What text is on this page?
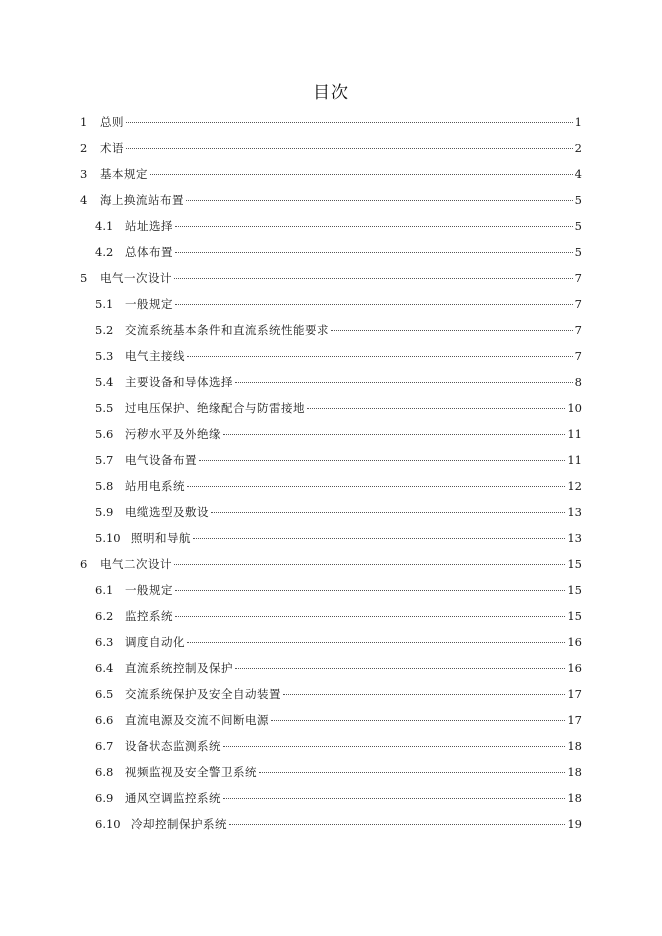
目次
1	总则	1
2	术语	2
3	基本规定	4
4	海上换流站布置	5
4.1	站址选择	5
4.2	总体布置	5
5	电气一次设计	7
5.1	一般规定	7
5.2	交流系统基本条件和直流系统性能要求	7
5.3	电气主接线	7
5.4	主要设备和导体选择	8
5.5	过电压保护、绝缘配合与防雷接地	10
5.6	污秽水平及外绝缘	11
5.7	电气设备布置	11
5.8	站用电系统	12
5.9	电缆选型及敷设	13
5.10 照明和导航	13
6	电气二次设计	15
6.1	一般规定	15
6.2	监控系统	15
6.3	调度自动化	16
6.4	直流系统控制及保护	16
6.5	交流系统保护及安全自动装置	17
6.6	直流电源及交流不间断电源	17
6.7	设备状态监测系统	18
6.8	视频监视及安全警卫系统	18
6.9	通风空调监控系统	18
6.10 冷却控制保护系统	19
